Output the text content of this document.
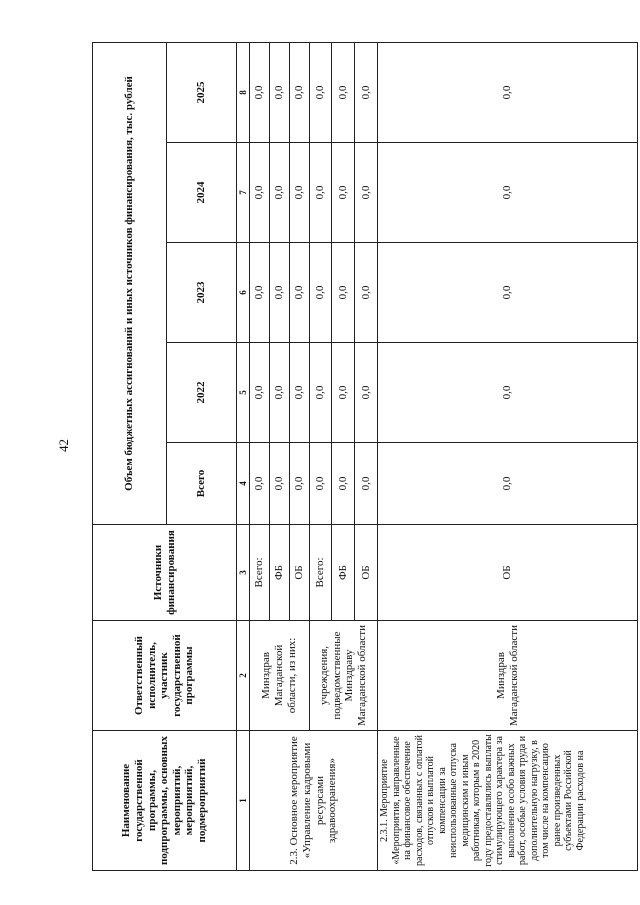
42
Наименование государственной программы, подпрограммы, основных мероприятий, мероприятий, подмероприятий	Ответственный исполнитель, участник государственной программы	Источники финансирования	Объем бюджетных ассигнований и иных источников финансирования, тыс. рублей				
			Всего	2022	2023	2024	2025
1	2	3	4	5	6	7	8
2.3. Основное мероприятие «Управление кадровыми ресурсами здравоохранения»	Минздрав Магаданской области, из них:	Всего:	0,0	0,0	0,0	0,0	0,0
		ФБ	0,0	0,0	0,0	0,0	0,0
		ОБ	0,0	0,0	0,0	0,0	0,0
	учреждения, подведомственные Минздраву Магаданской области	Всего:	0,0	0,0	0,0	0,0	0,0
		ФБ	0,0	0,0	0,0	0,0	0,0
		ОБ	0,0	0,0	0,0	0,0	0,0
2.3.1. Мероприятие «Мероприятия, направленные на финансовое обеспечение расходов, связанных с оплатой отпусков и выплатой компенсации за неиспользованные отпуска медицинским и иным работникам, которым в 2020 году предоставлялись выплаты стимулирующего характера за выполнение особо важных работ, особые условия труда и дополнительную нагрузку, в том числе на компенсацию ранее произведенных субъектами Российской Федерации расходов на	Минздрав Магаданской области	ОБ	0,0	0,0	0,0	0,0	0,0
